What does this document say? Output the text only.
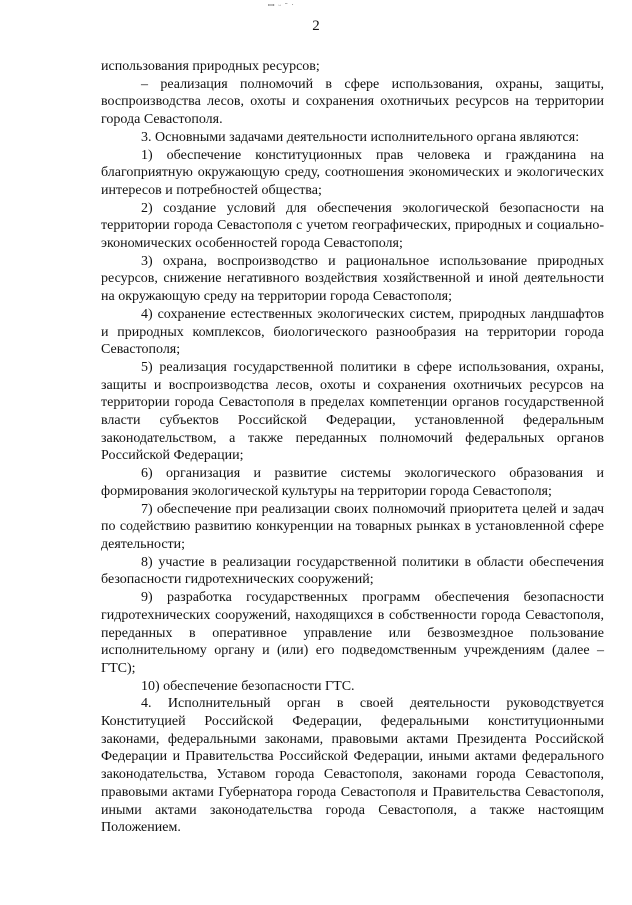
ꟷ ᵕ ˉ ˑ
2

использования природных ресурсов;

– реализация полномочий в сфере использования, охраны, защиты, воспроизводства лесов, охоты и сохранения охотничьих ресурсов на территории города Севастополя.

3. Основными задачами деятельности исполнительного органа являются:

1) обеспечение конституционных прав человека и гражданина на благоприятную окружающую среду, соотношения экономических и экологических интересов и потребностей общества;

2) создание условий для обеспечения экологической безопасности на территории города Севастополя с учетом географических, природных и социально-экономических особенностей города Севастополя;

3) охрана, воспроизводство и рациональное использование природных ресурсов, снижение негативного воздействия хозяйственной и иной деятельности на окружающую среду на территории города Севастополя;

4) сохранение естественных экологических систем, природных ландшафтов и природных комплексов, биологического разнообразия на территории города Севастополя;

5) реализация государственной политики в сфере использования, охраны, защиты и воспроизводства лесов, охоты и сохранения охотничьих ресурсов на территории города Севастополя в пределах компетенции органов государственной власти субъектов Российской Федерации, установленной федеральным законодательством, а также переданных полномочий федеральных органов Российской Федерации;

6) организация и развитие системы экологического образования и формирования экологической культуры на территории города Севастополя;

7) обеспечение при реализации своих полномочий приоритета целей и задач по содействию развитию конкуренции на товарных рынках в установленной сфере деятельности;

8) участие в реализации государственной политики в области обеспечения безопасности гидротехнических сооружений;

9) разработка государственных программ обеспечения безопасности гидротехнических сооружений, находящихся в собственности города Севастополя, переданных в оперативное управление или безвозмездное пользование исполнительному органу и (или) его подведомственным учреждениям (далее – ГТС);

10) обеспечение безопасности ГТС.

4. Исполнительный орган в своей деятельности руководствуется Конституцией Российской Федерации, федеральными конституционными законами, федеральными законами, правовыми актами Президента Российской Федерации и Правительства Российской Федерации, иными актами федерального законодательства, Уставом города Севастополя, законами города Севастополя, правовыми актами Губернатора города Севастополя и Правительства Севастополя, иными актами законодательства города Севастополя, а также настоящим Положением.
